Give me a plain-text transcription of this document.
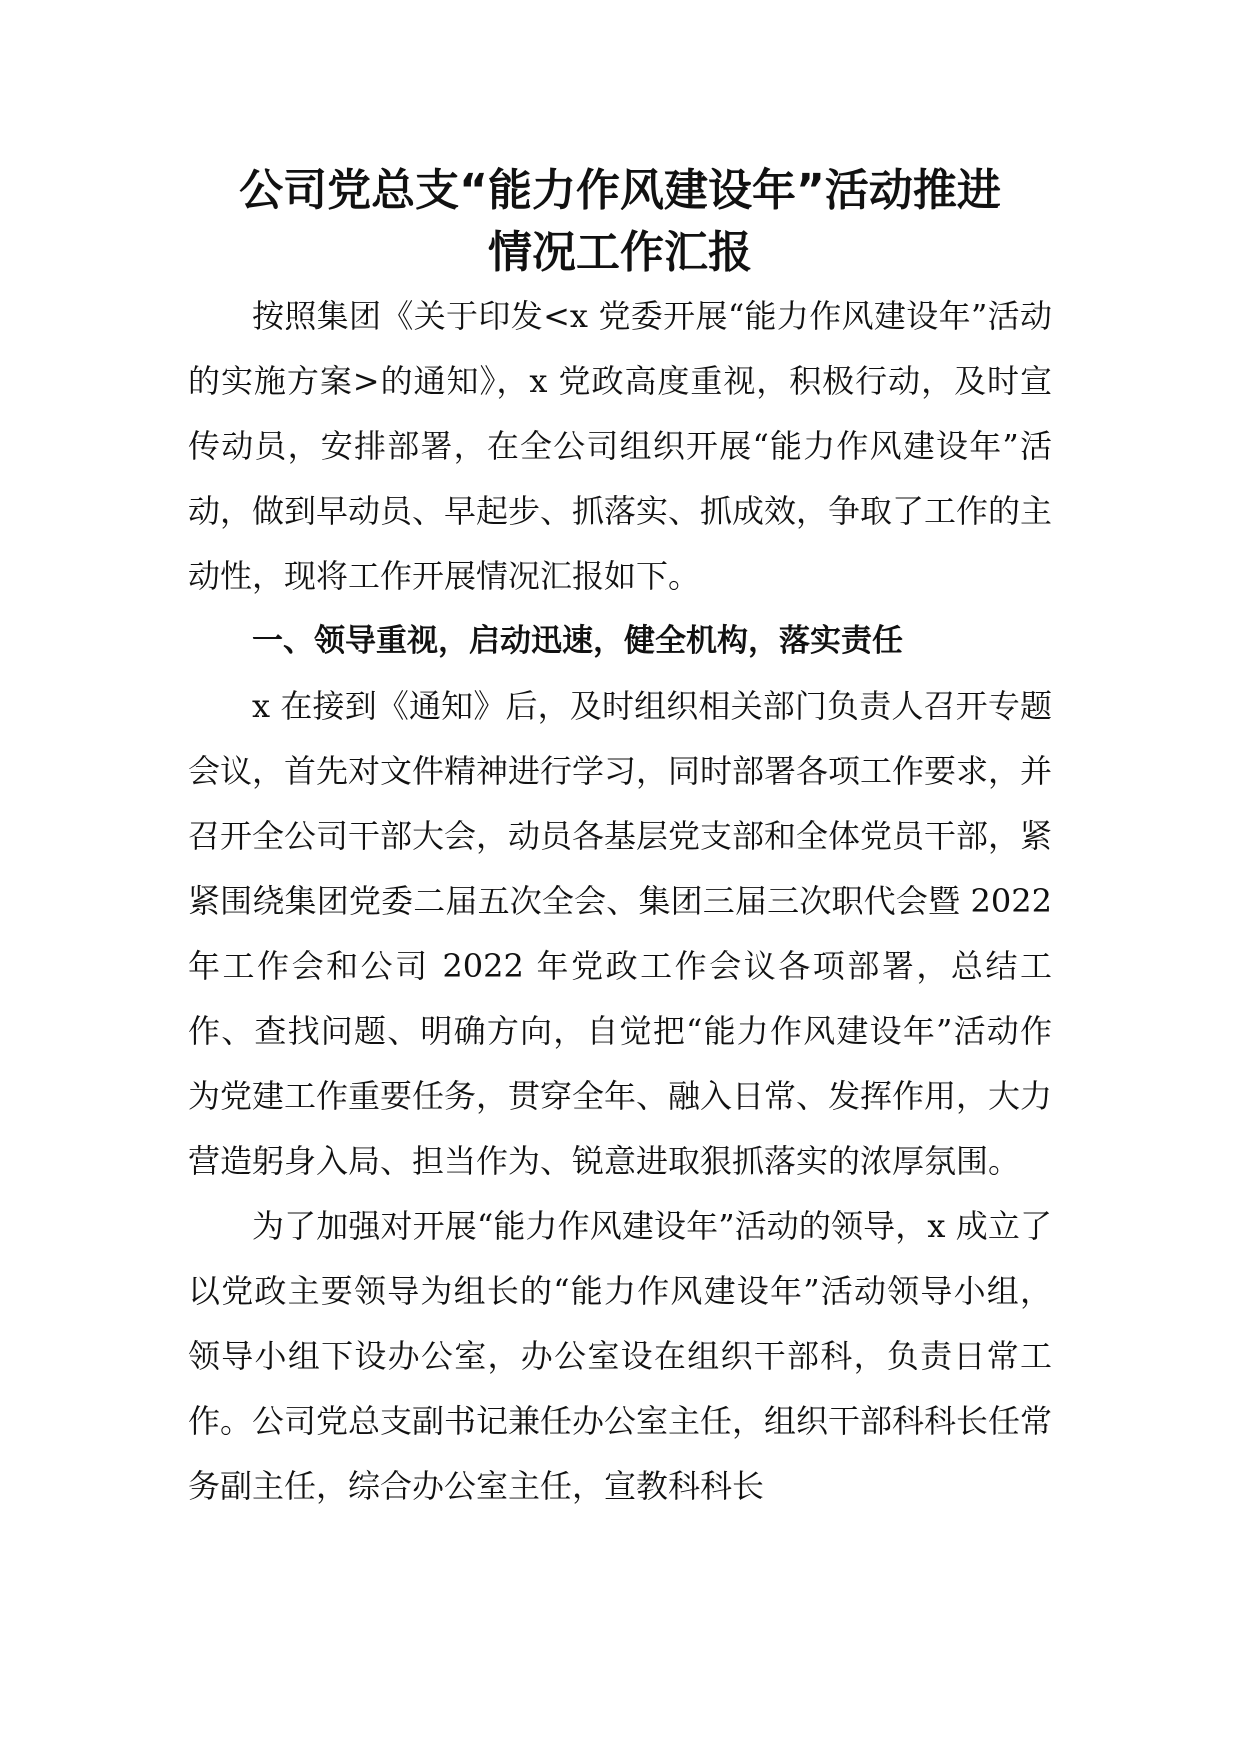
公司党总支“能力作风建设年”活动推进
情况工作汇报

按照集团《关于印发<x 党委开展“能力作风建设年”活动的实施方案>的通知》，x 党政高度重视，积极行动，及时宣传动员，安排部署，在全公司组织开展“能力作风建设年”活动，做到早动员、早起步、抓落实、抓成效，争取了工作的主动性，现将工作开展情况汇报如下。

一、领导重视，启动迅速，健全机构，落实责任

x 在接到《通知》后，及时组织相关部门负责人召开专题会议，首先对文件精神进行学习，同时部署各项工作要求，并召开全公司干部大会，动员各基层党支部和全体党员干部，紧紧围绕集团党委二届五次全会、集团三届三次职代会暨 2022 年工作会和公司 2022 年党政工作会议各项部署，总结工作、查找问题、明确方向，自觉把“能力作风建设年”活动作为党建工作重要任务，贯穿全年、融入日常、发挥作用，大力营造躬身入局、担当作为、锐意进取狠抓落实的浓厚氛围。

为了加强对开展“能力作风建设年”活动的领导，x 成立了以党政主要领导为组长的“能力作风建设年”活动领导小组，领导小组下设办公室，办公室设在组织干部科，负责日常工作。公司党总支副书记兼任办公室主任，组织干部科科长任常务副主任，综合办公室主任，宣教科科长
